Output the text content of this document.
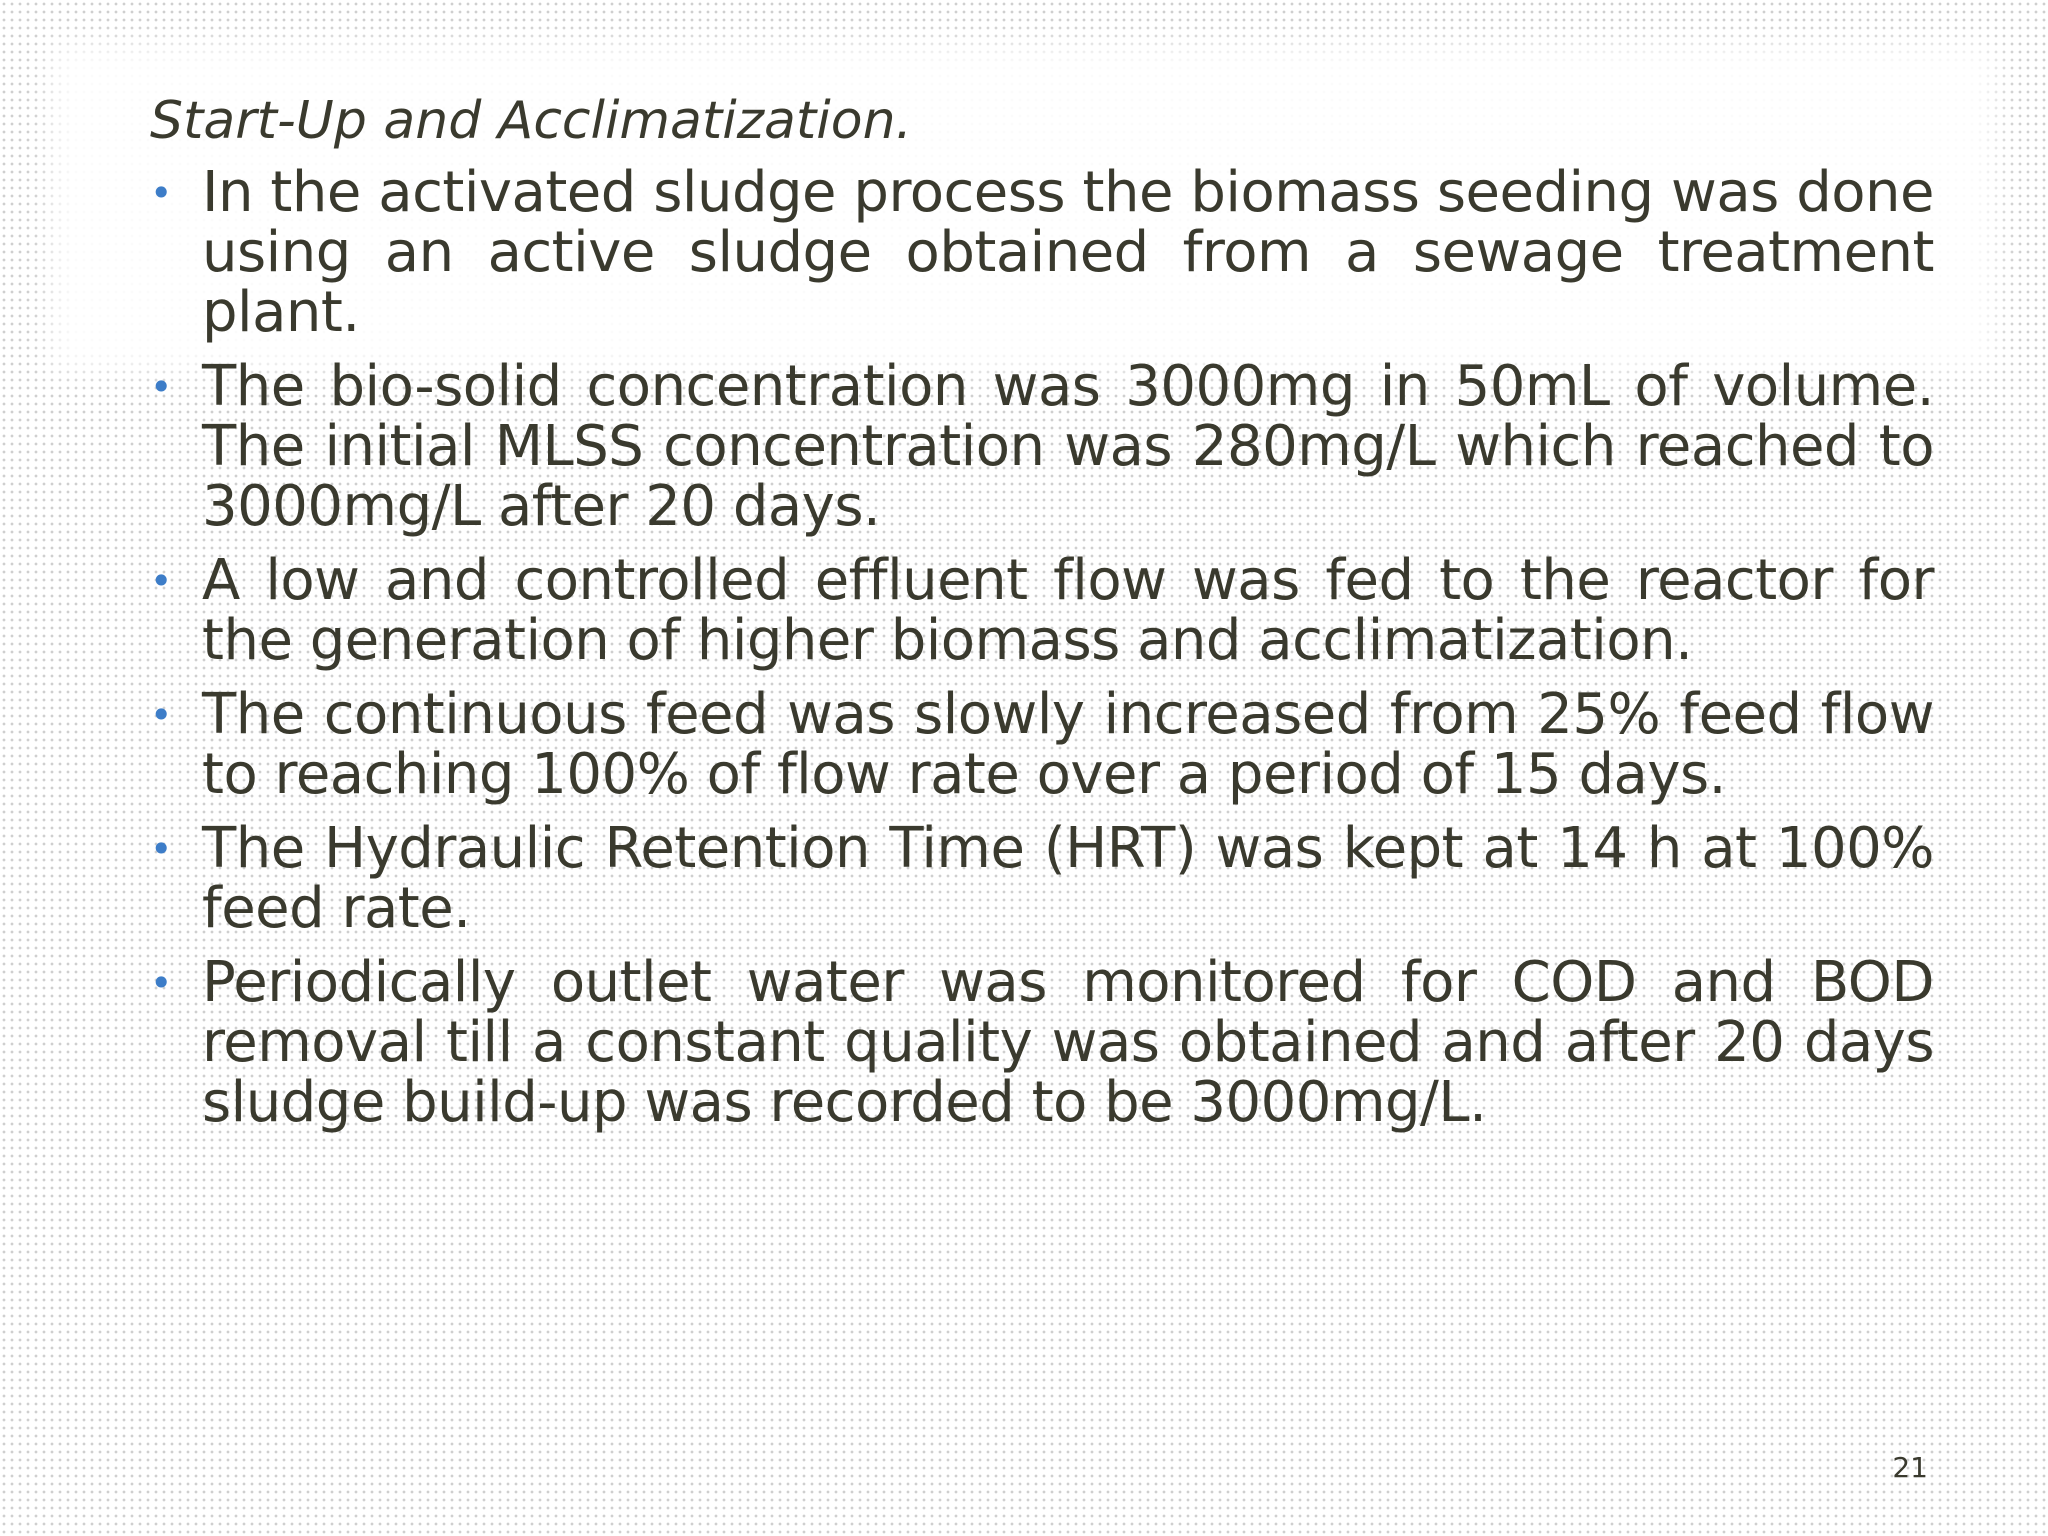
Start-Up and Acclimatization.
• In the activated sludge process the biomass seeding was done using an active sludge obtained from a sewage treatment plant.
• The bio-solid concentration was 3000mg in 50mL of volume. The initial MLSS concentration was 280mg/L which reached to 3000mg/L after 20 days.
• A low and controlled effluent flow was fed to the reactor for the generation of higher biomass and acclimatization.
• The continuous feed was slowly increased from 25% feed flow to reaching 100% of flow rate over a period of 15 days.
• The Hydraulic Retention Time (HRT) was kept at 14 h at 100% feed rate.
• Periodically outlet water was monitored for COD and BOD removal till a constant quality was obtained and after 20 days sludge build-up was recorded to be 3000mg/L.
21
